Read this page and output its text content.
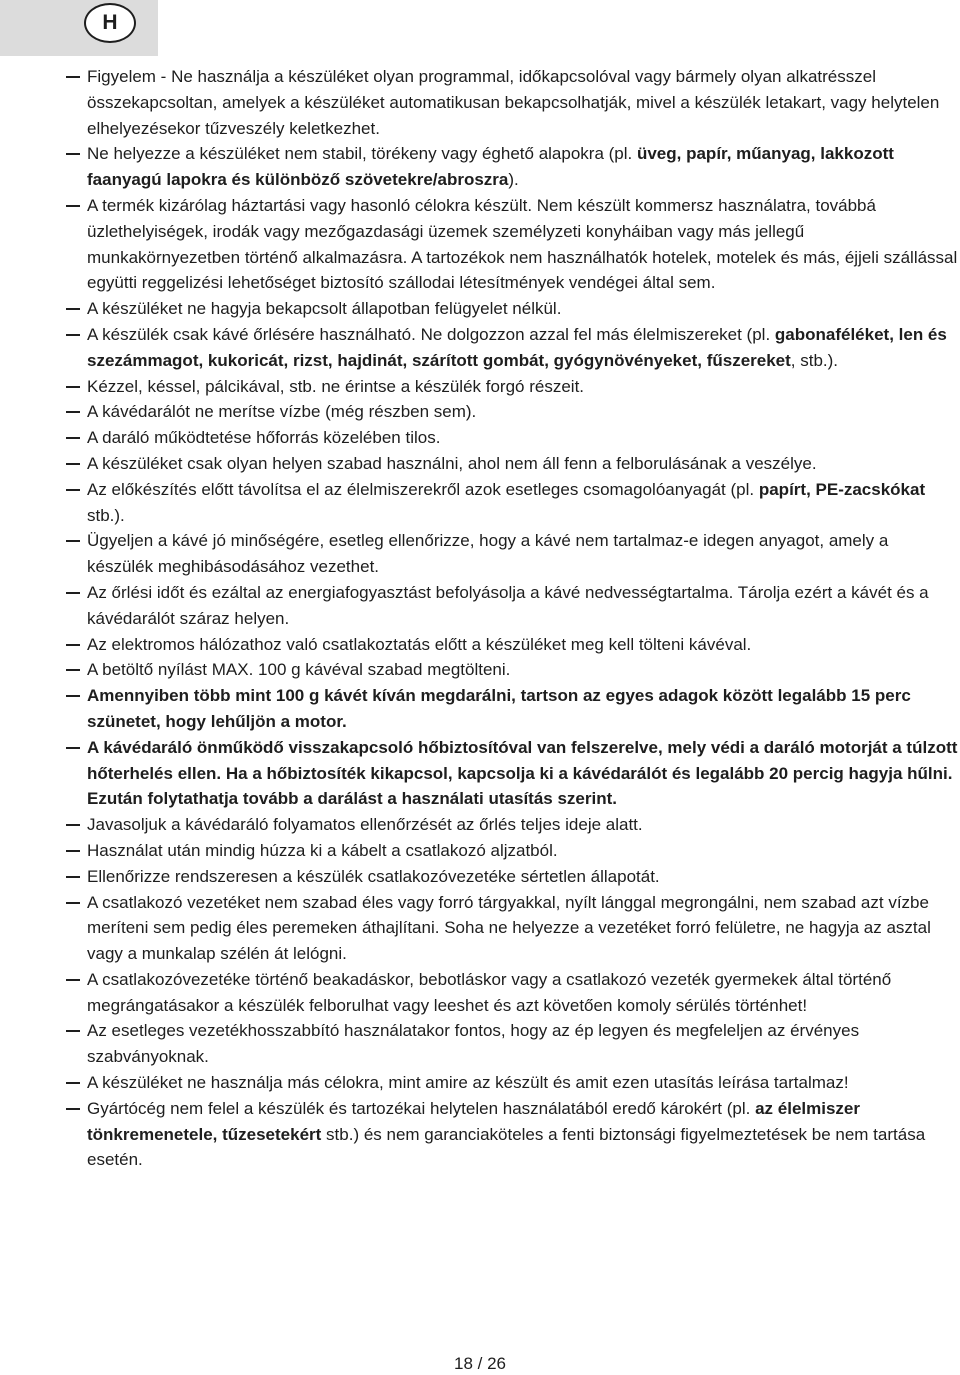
H
Figyelem - Ne használja a készüléket olyan programmal, időkapcsolóval vagy bármely olyan alkatrésszel összekapcsoltan, amelyek a készüléket automatikusan bekapcsolhatják, mivel a készülék letakart, vagy helytelen elhelyezésekor tűzveszély keletkezhet.
Ne helyezze a készüléket nem stabil, törékeny vagy éghető alapokra (pl. üveg, papír, műanyag, lakkozott faanyagú lapokra és különböző szövetekre/abroszra).
A termék kizárólag háztartási vagy hasonló célokra készült. Nem készült kommersz használatra, továbbá üzlethelyiségek, irodák vagy mezőgazdasági üzemek személyzeti konyháiban vagy más jellegű munkakörnyezetben történő alkalmazásra. A tartozékok nem használhatók hotelek, motelek és más, éjjeli szállással együtti reggelizési lehetőséget biztosító szállodai létesítmények vendégei által sem.
A készüléket ne hagyja bekapcsolt állapotban felügyelet nélkül.
A készülék csak kávé őrlésére használható. Ne dolgozzon azzal fel más élelmiszereket (pl. gabonaféléket, len és szezámmagot, kukoricát, rizst, hajdinát, szárított gombát, gyógynövényeket, fűszereket, stb.).
Kézzel, késsel, pálcikával, stb. ne érintse a készülék forgó részeit.
A kávédarálót ne merítse vízbe (még részben sem).
A daráló működtetése hőforrás közelében tilos.
A készüléket csak olyan helyen szabad használni, ahol nem áll fenn a felborulásának a veszélye.
Az előkészítés előtt távolítsa el az élelmiszerekről azok esetleges csomagolóanyagát (pl. papírt, PE-zacskókat stb.).
Ügyeljen a kávé jó minőségére, esetleg ellenőrizze, hogy a kávé nem tartalmaz-e idegen anyagot, amely a készülék meghibásodásához vezethet.
Az őrlési időt és ezáltal az energiafogyasztást befolyásolja a kávé nedvességtartalma. Tárolja ezért a kávét és a kávédarálót száraz helyen.
Az elektromos hálózathoz való csatlakoztatás előtt a készüléket meg kell tölteni kávéval.
A betöltő nyílást MAX. 100 g kávéval szabad megtölteni.
Amennyiben több mint 100 g kávét kíván megdarálni, tartson az egyes adagok között legalább 15 perc szünetet, hogy lehűljön a motor.
A kávédaráló önműködő visszakapcsoló hőbiztosítóval van felszerelve, mely védi a daráló motorját a túlzott hőterhelés ellen. Ha a hőbiztosíték kikapcsol, kapcsolja ki a kávédarálót és legalább 20 percig hagyja hűlni. Ezután folytathatja tovább a darálást a használati utasítás szerint.
Javasoljuk a kávédaráló folyamatos ellenőrzését az őrlés teljes ideje alatt.
Használat után mindig húzza ki a kábelt a csatlakozó aljzatból.
Ellenőrizze rendszeresen a készülék csatlakozóvezetéke sértetlen állapotát.
A csatlakozó vezetéket nem szabad éles vagy forró tárgyakkal, nyílt lánggal megrongálni, nem szabad azt vízbe meríteni sem pedig éles peremeken áthajlítani. Soha ne helyezze a vezetéket forró felületre, ne hagyja az asztal vagy a munkalap szélén át lelógni.
A csatlakozóvezetéke történő beakadáskor, bebotláskor vagy a csatlakozó vezeték gyermekek által történő megrángatásakor a készülék felborulhat vagy leeshet és azt követően komoly sérülés történhet!
Az esetleges vezetékhosszabbító használatakor fontos, hogy az ép legyen és megfeleljen az érvényes szabványoknak.
A készüléket ne használja más célokra, mint amire az készült és amit ezen utasítás leírása tartalmaz!
Gyártócég nem felel a készülék és tartozékai helytelen használatából eredő károkért (pl. az élelmiszer tönkremenetele, tűzesetekért stb.) és nem garanciaköteles a fenti biztonsági figyelmeztetések be nem tartása esetén.
18 / 26
